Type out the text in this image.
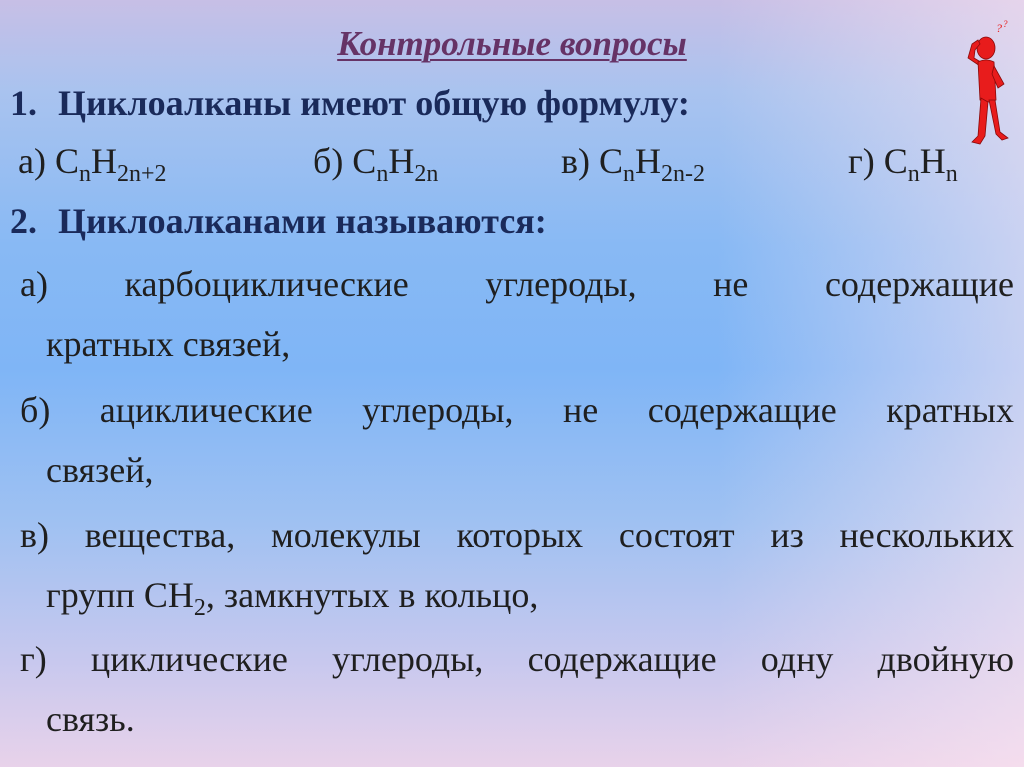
Контрольные вопросы
1. Циклоалканы имеют общую формулу:
а) $С_nН_{2n+2}$	б) $С_nН_{2n}$	в) $С_nН_{2n-2}$	г) $С_nН_n$
2. Циклоалканами называются:
а) карбоциклические углероды, не содержащие
кратных связей,
б) ациклические углероды, не содержащие кратных
связей,
в) вещества, молекулы которых состоят из нескольких
групп $СН_2$, замкнутых в кольцо,
г) циклические углероды, содержащие одну двойную
связь.
? ?
